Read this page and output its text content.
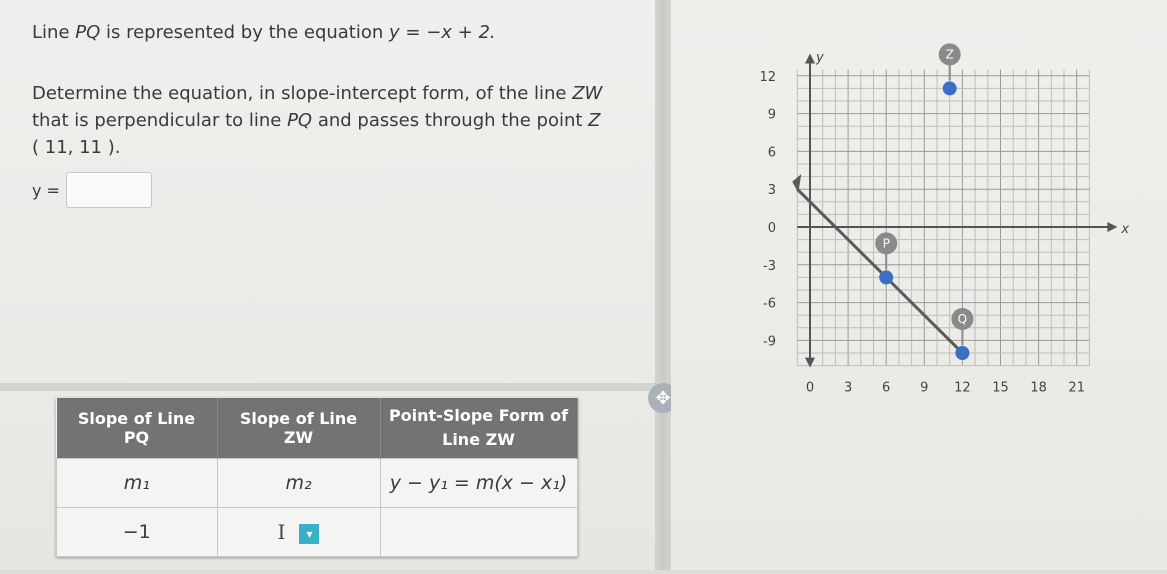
Line PQ is represented by the equation y = −x + 2.
Determine the equation, in slope-intercept form, of the line ZW that is perpendicular to line PQ and passes through the point Z
( 11, 11 ).
y =
✥
Slope of Line PQ	Slope of Line ZW	Point-Slope Form of Line ZW
m₁	m₂	y − y₁ = m(x − x₁)
−1	I ▾	
x
y
0 3 6 9 12 15 18 21
12
9
6
3
0
-3
-6
-9
P
Q
Z
